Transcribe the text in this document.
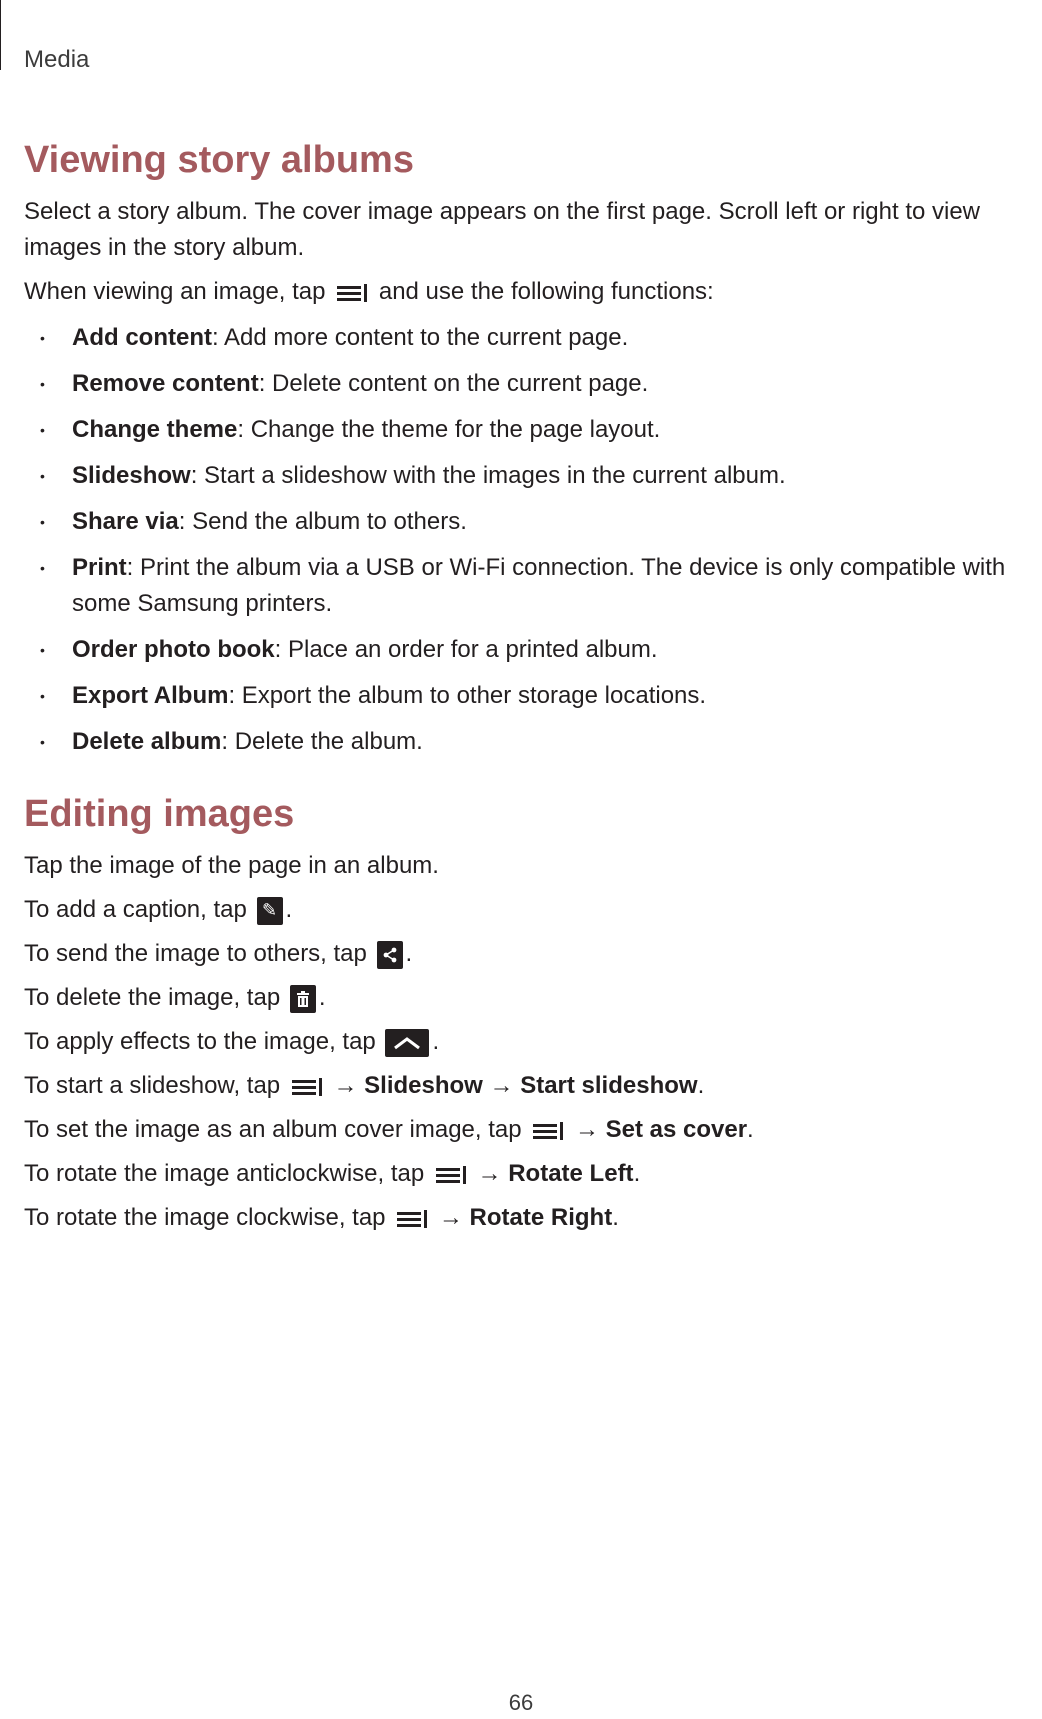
Media
Viewing story albums

Select a story album. The cover image appears on the first page. Scroll left or right to view images in the story album.

When viewing an image, tap
and use the following functions:

• Add content: Add more content to the current page.
• Remove content: Delete content on the current page.
• Change theme: Change the theme for the page layout.
• Slideshow: Start a slideshow with the images in the current album.
• Share via: Send the album to others.
• Print: Print the album via a USB or Wi-Fi connection. The device is only compatible with some Samsung printers.
• Order photo book: Place an order for a printed album.
• Export Album: Export the album to other storage locations.
• Delete album: Delete the album.
Editing images

Tap the image of the page in an album.

To add a caption, tap ✎ .

To send the image to others, tap
.

To delete the image, tap
.

To apply effects to the image, tap
.

To start a slideshow, tap
→ Slideshow → Start slideshow.

To set the image as an album cover image, tap
→ Set as cover.

To rotate the image anticlockwise, tap
→ Rotate Left.

To rotate the image clockwise, tap
→ Rotate Right.

66
